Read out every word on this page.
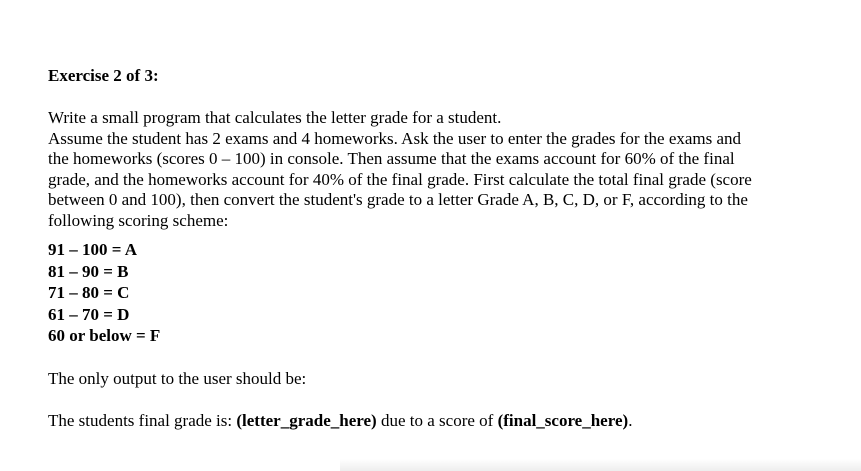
Exercise 2 of 3:
Write a small program that calculates the letter grade for a student.
Assume the student has 2 exams and 4 homeworks. Ask the user to enter the grades for the exams and
the homeworks (scores 0 – 100) in console. Then assume that the exams account for 60% of the final
grade, and the homeworks account for 40% of the final grade. First calculate the total final grade (score
between 0 and 100), then convert the student's grade to a letter Grade A, B, C, D, or F, according to the
following scoring scheme:
91 – 100 = A
81 – 90 = B
71 – 80 = C
61 – 70 = D
60 or below = F
The only output to the user should be:
The students final grade is: (letter_grade_here) due to a score of (final_score_here).
